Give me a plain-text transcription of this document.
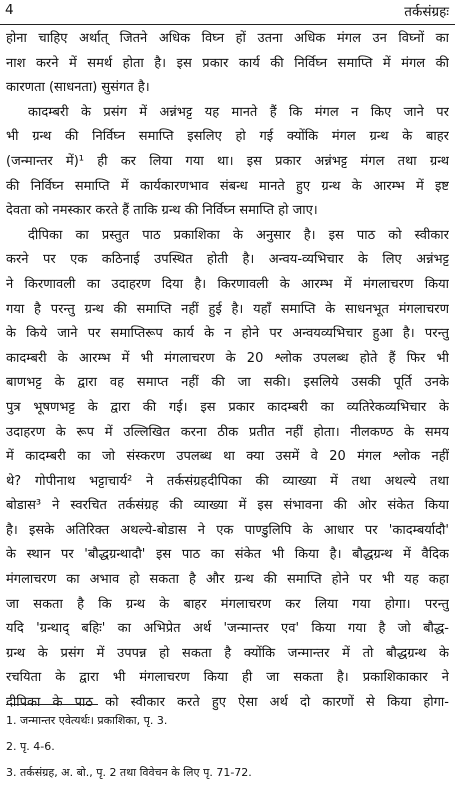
4	तर्कसंग्रहः
होना चाहिए अर्थात् जितने अधिक विघ्न हों उतना अधिक मंगल उन विघ्नों का
नाश करने में समर्थ होता है। इस प्रकार कार्य की निर्विघ्न समाप्ति में मंगल की
कारणता (साधनता) सुसंगत है।
कादम्बरी के प्रसंग में अन्नंभट्ट यह मानते हैं कि मंगल न किए जाने पर
भी ग्रन्थ की निर्विघ्न समाप्ति इसलिए हो गई क्योंकि मंगल ग्रन्थ के बाहर
(जन्मान्तर में)¹ ही कर लिया गया था। इस प्रकार अन्नंभट्ट मंगल तथा ग्रन्थ
की निर्विघ्न समाप्ति में कार्यकारणभाव संबन्ध मानते हुए ग्रन्थ के आरम्भ में इष्ट
देवता को नमस्कार करते हैं ताकि ग्रन्थ की निर्विघ्न समाप्ति हो जाए।
दीपिका का प्रस्तुत पाठ प्रकाशिका के अनुसार है। इस पाठ को स्वीकार
करने पर एक कठिनाई उपस्थित होती है। अन्वय-व्यभिचार के लिए अन्नंभट्ट
ने किरणावली का उदाहरण दिया है। किरणावली के आरम्भ में मंगलाचरण किया
गया है परन्तु ग्रन्थ की समाप्ति नहीं हुई है। यहाँ समाप्ति के साधनभूत मंगलाचरण
के किये जाने पर समाप्तिरूप कार्य के न होने पर अन्वयव्यभिचार हुआ है। परन्तु
कादम्बरी के आरम्भ में भी मंगलाचरण के 20 श्लोक उपलब्ध होते हैं फिर भी
बाणभट्ट के द्वारा वह समाप्त नहीं की जा सकी। इसलिये उसकी पूर्ति उनके
पुत्र भूषणभट्ट के द्वारा की गई। इस प्रकार कादम्बरी का व्यतिरेकव्यभिचार के
उदाहरण के रूप में उल्लिखित करना ठीक प्रतीत नहीं होता। नीलकण्ठ के समय
में कादम्बरी का जो संस्करण उपलब्ध था क्या उसमें वे 20 मंगल श्लोक नहीं
थे? गोपीनाथ भट्टाचार्य² ने तर्कसंग्रहदीपिका की व्याख्या में तथा अथल्ये तथा
बोडास³ ने स्वरचित तर्कसंग्रह की व्याख्या में इस संभावना की ओर संकेत किया
है। इसके अतिरिक्त अथल्ये-बोडास ने एक पाण्डुलिपि के आधार पर 'कादम्बर्यादौ'
के स्थान पर 'बौद्धग्रन्थादौ' इस पाठ का संकेत भी किया है। बौद्धग्रन्थ में वैदिक
मंगलाचरण का अभाव हो सकता है और ग्रन्थ की समाप्ति होने पर भी यह कहा
जा सकता है कि ग्रन्थ के बाहर मंगलाचरण कर लिया गया होगा। परन्तु
यदि 'ग्रन्थाद् बहिः' का अभिप्रेत अर्थ 'जन्मान्तर एव' किया गया है जो बौद्ध-
ग्रन्थ के प्रसंग में उपपन्न हो सकता है क्योंकि जन्मान्तर में तो बौद्धग्रन्थ के
रचयिता के द्वारा भी मंगलाचरण किया ही जा सकता है। प्रकाशिकाकार ने
दीपिका के पाठ को स्वीकार करते हुए ऐसा अर्थ दो कारणों से किया होगा-
1. जन्मान्तर एवेत्यर्थः। प्रकाशिका, पृ. 3.
2. पृ. 4-6.
3. तर्कसंग्रह, अ. बो., पृ. 2 तथा विवेचन के लिए पृ. 71-72.
